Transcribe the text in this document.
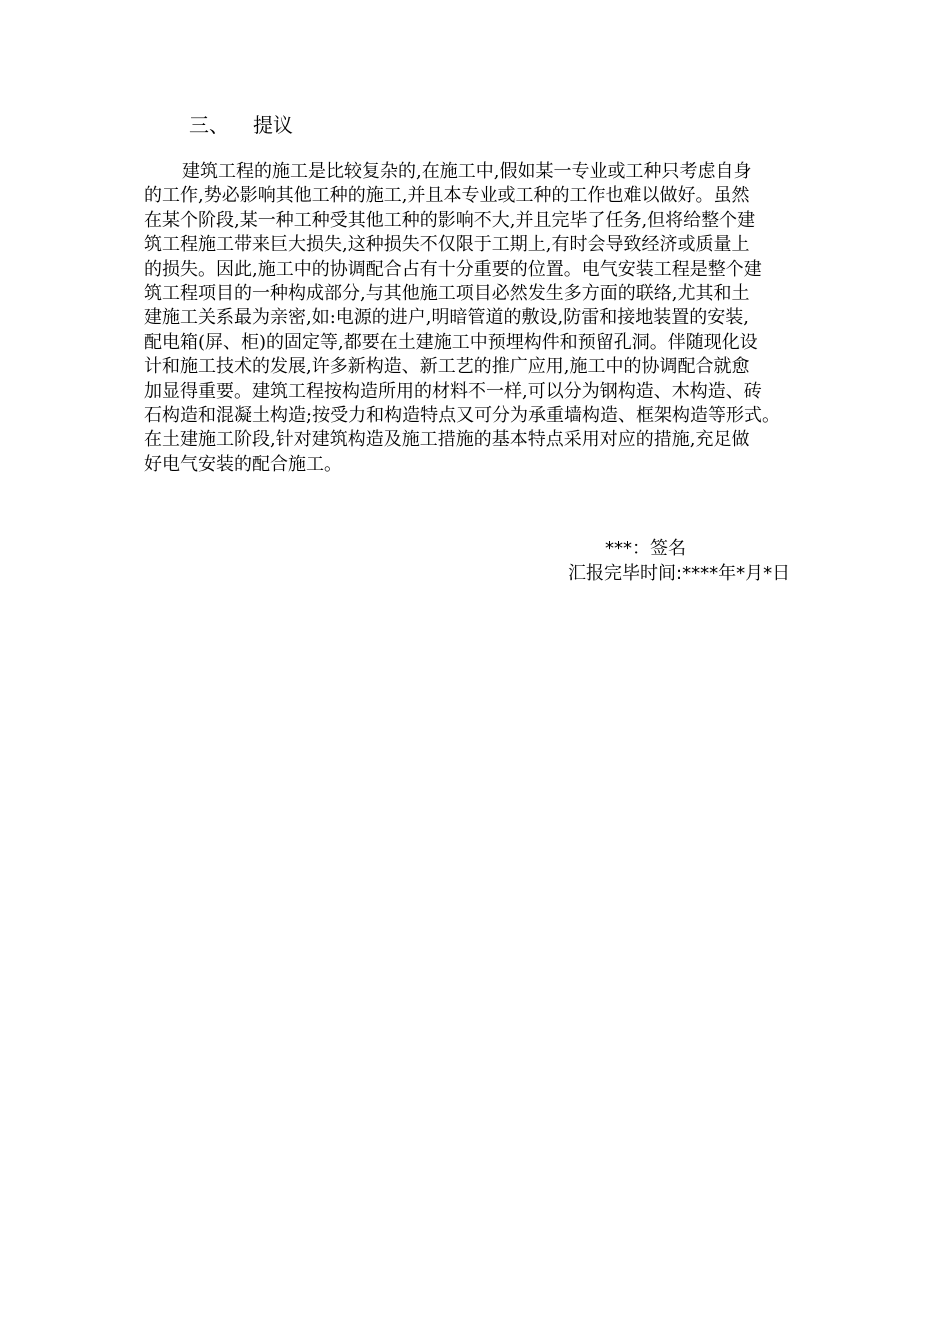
三、 提议
建筑工程的施工是比较复杂的,在施工中,假如某一专业或工种只考虑自身
的工作,势必影响其他工种的施工,并且本专业或工种的工作也难以做好。虽然
在某个阶段,某一种工种受其他工种的影响不大,并且完毕了任务,但将给整个建
筑工程施工带来巨大损失,这种损失不仅限于工期上,有时会导致经济或质量上
的损失。因此,施工中的协调配合占有十分重要的位置。电气安装工程是整个建
筑工程项目的一种构成部分,与其他施工项目必然发生多方面的联络,尤其和土
建施工关系最为亲密,如:电源的进户,明暗管道的敷设,防雷和接地装置的安装,
配电箱(屏、柜)的固定等,都要在土建施工中预埋构件和预留孔洞。伴随现化设
计和施工技术的发展,许多新构造、新工艺的推广应用,施工中的协调配合就愈
加显得重要。建筑工程按构造所用的材料不一样,可以分为钢构造、木构造、砖
石构造和混凝土构造;按受力和构造特点又可分为承重墙构造、框架构造等形式。
在土建施工阶段,针对建筑构造及施工措施的基本特点采用对应的措施,充足做
好电气安装的配合施工。
***：签名
汇报完毕时间:****年*月*日
